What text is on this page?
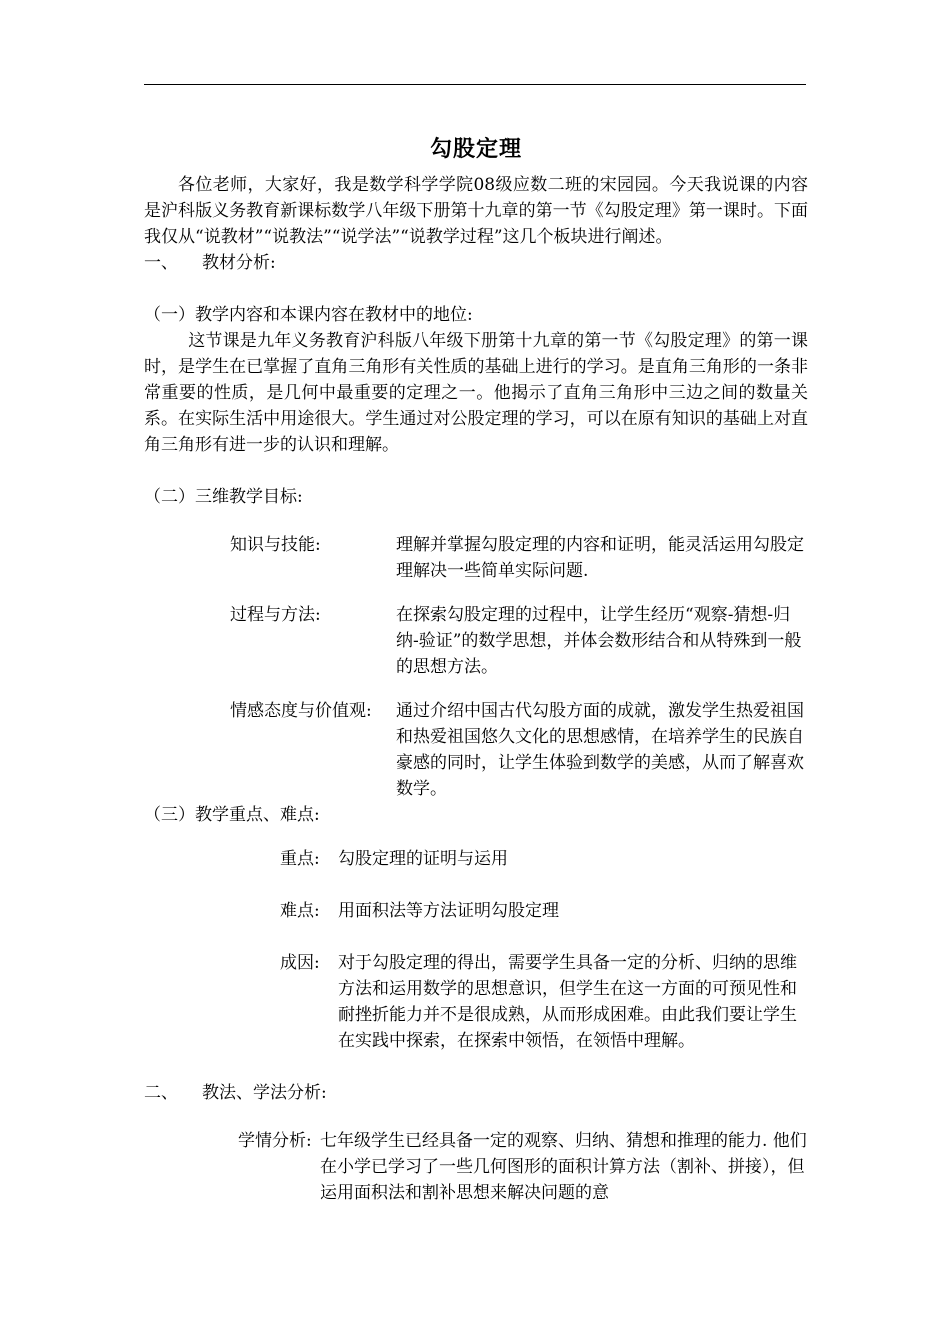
勾股定理

各位老师，大家好，我是数学科学学院08级应数二班的宋园园。今天我说课的内容是沪科版义务教育新课标数学八年级下册第十九章的第一节《勾股定理》第一课时。下面我仅从“说教材”“说教法”“说学法”“说教学过程”这几个板块进行阐述。

一、 教材分析:
（一）教学内容和本课内容在教材中的地位:

这节课是九年义务教育沪科版八年级下册第十九章的第一节《勾股定理》的第一课时，是学生在已掌握了直角三角形有关性质的基础上进行的学习。是直角三角形的一条非常重要的性质，是几何中最重要的定理之一。他揭示了直角三角形中三边之间的数量关系。在实际生活中用途很大。学生通过对公股定理的学习，可以在原有知识的基础上对直角三角形有进一步的认识和理解。

（二）三维教学目标:
知识与技能:	理解并掌握勾股定理的内容和证明，能灵活运用勾股定理解决一些简单实际问题.
过程与方法:	在探索勾股定理的过程中，让学生经历“观察-猜想-归纳-验证”的数学思想，并体会数形结合和从特殊到一般的思想方法。
情感态度与价值观:	通过介绍中国古代勾股方面的成就，激发学生热爱祖国和热爱祖国悠久文化的思想感情，在培养学生的民族自豪感的同时，让学生体验到数学的美感，从而了解喜欢数学。
（三）教学重点、难点:
重点:	勾股定理的证明与运用
难点:	用面积法等方法证明勾股定理
成因:	对于勾股定理的得出，需要学生具备一定的分析、归纳的思维方法和运用数学的思想意识，但学生在这一方面的可预见性和耐挫折能力并不是很成熟，从而形成困难。由此我们要让学生在实践中探索，在探索中领悟，在领悟中理解。
二、 教法、学法分析:
学情分析: 七年级学生已经具备一定的观察、归纳、猜想和推理的能力. 他们在小学已学习了一些几何图形的面积计算方法（割补、拼接），但运用面积法和割补思想来解决问题的意
